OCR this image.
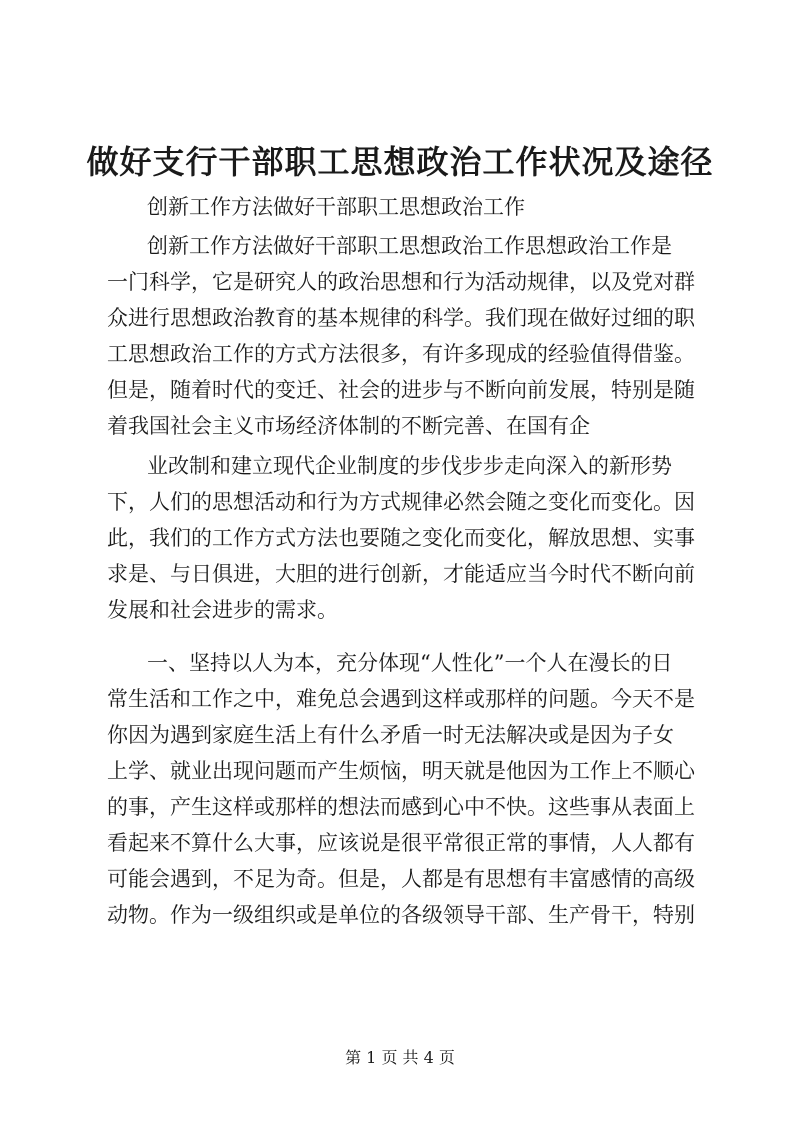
做好支行干部职工思想政治工作状况及途径

创新工作方法做好干部职工思想政治工作

创新工作方法做好干部职工思想政治工作思想政治工作是
一门科学，它是研究人的政治思想和行为活动规律，以及党对群
众进行思想政治教育的基本规律的科学。我们现在做好过细的职
工思想政治工作的方式方法很多，有许多现成的经验值得借鉴。
但是，随着时代的变迁、社会的进步与不断向前发展，特别是随
着我国社会主义市场经济体制的不断完善、在国有企
业改制和建立现代企业制度的步伐步步走向深入的新形势
下，人们的思想活动和行为方式规律必然会随之变化而变化。因
此，我们的工作方式方法也要随之变化而变化，解放思想、实事
求是、与日俱进，大胆的进行创新，才能适应当今时代不断向前
发展和社会进步的需求。
一、坚持以人为本，充分体现“人性化”一个人在漫长的日
常生活和工作之中，难免总会遇到这样或那样的问题。今天不是
你因为遇到家庭生活上有什么矛盾一时无法解决或是因为子女
上学、就业出现问题而产生烦恼，明天就是他因为工作上不顺心
的事，产生这样或那样的想法而感到心中不快。这些事从表面上
看起来不算什么大事，应该说是很平常很正常的事情，人人都有
可能会遇到，不足为奇。但是，人都是有思想有丰富感情的高级
动物。作为一级组织或是单位的各级领导干部、生产骨干，特别

第 1 页 共 4 页
